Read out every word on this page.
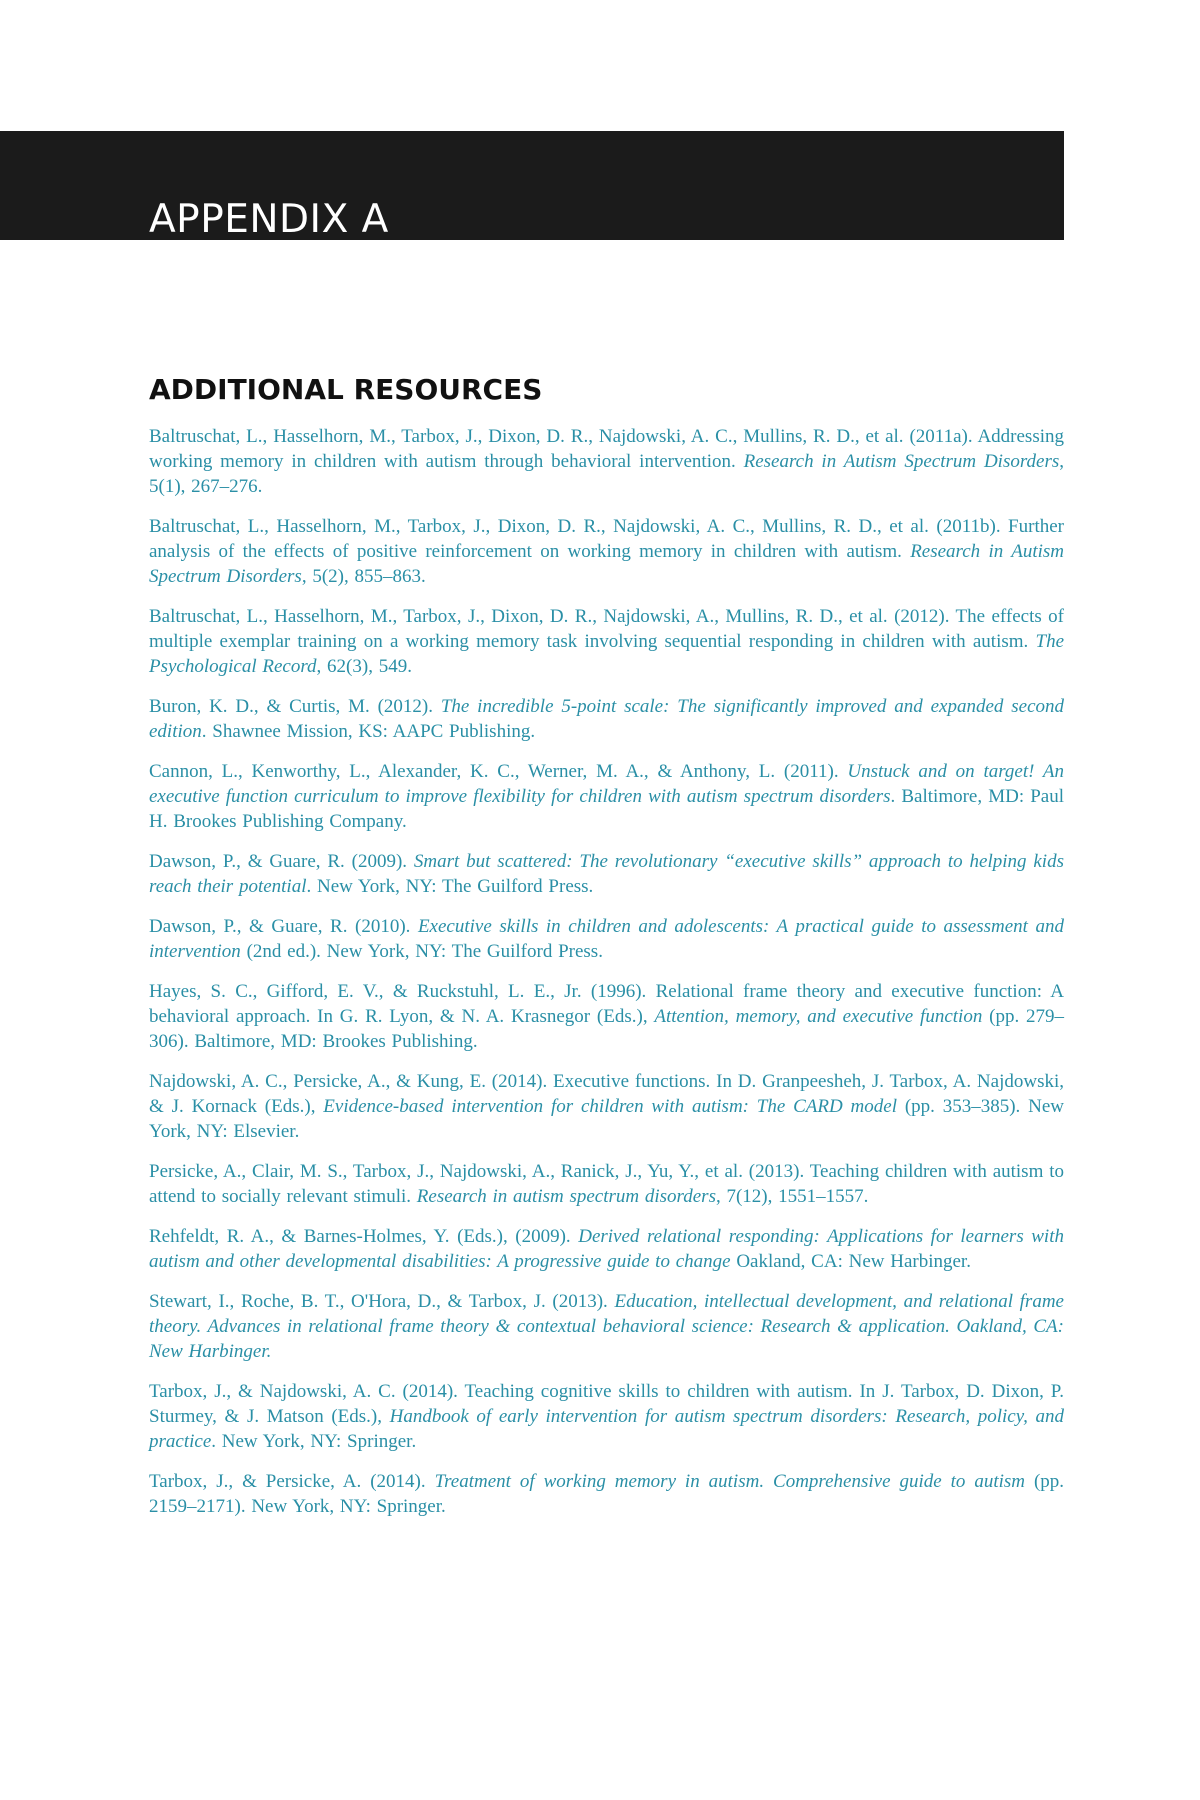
APPENDIX A
ADDITIONAL RESOURCES
Baltruschat, L., Hasselhorn, M., Tarbox, J., Dixon, D. R., Najdowski, A. C., Mullins, R. D., et al. (2011a). Addressing working memory in children with autism through behavioral intervention. Research in Autism Spectrum Disorders, 5(1), 267–276.
Baltruschat, L., Hasselhorn, M., Tarbox, J., Dixon, D. R., Najdowski, A. C., Mullins, R. D., et al. (2011b). Further analysis of the effects of positive reinforcement on working memory in children with autism. Research in Autism Spectrum Disorders, 5(2), 855–863.
Baltruschat, L., Hasselhorn, M., Tarbox, J., Dixon, D. R., Najdowski, A., Mullins, R. D., et al. (2012). The effects of multiple exemplar training on a working memory task involving sequential responding in children with autism. The Psychological Record, 62(3), 549.
Buron, K. D., & Curtis, M. (2012). The incredible 5-point scale: The significantly improved and expanded second edition. Shawnee Mission, KS: AAPC Publishing.
Cannon, L., Kenworthy, L., Alexander, K. C., Werner, M. A., & Anthony, L. (2011). Unstuck and on target! An executive function curriculum to improve flexibility for children with autism spectrum disorders. Baltimore, MD: Paul H. Brookes Publishing Company.
Dawson, P., & Guare, R. (2009). Smart but scattered: The revolutionary “executive skills” approach to helping kids reach their potential. New York, NY: The Guilford Press.
Dawson, P., & Guare, R. (2010). Executive skills in children and adolescents: A practical guide to assessment and intervention (2nd ed.). New York, NY: The Guilford Press.
Hayes, S. C., Gifford, E. V., & Ruckstuhl, L. E., Jr. (1996). Relational frame theory and executive function: A behavioral approach. In G. R. Lyon, & N. A. Krasnegor (Eds.), Attention, memory, and executive function (pp. 279–306). Baltimore, MD: Brookes Publishing.
Najdowski, A. C., Persicke, A., & Kung, E. (2014). Executive functions. In D. Granpeesheh, J. Tarbox, A. Najdowski, & J. Kornack (Eds.), Evidence-based intervention for children with autism: The CARD model (pp. 353–385). New York, NY: Elsevier.
Persicke, A., Clair, M. S., Tarbox, J., Najdowski, A., Ranick, J., Yu, Y., et al. (2013). Teaching children with autism to attend to socially relevant stimuli. Research in autism spectrum disorders, 7(12), 1551–1557.
Rehfeldt, R. A., & Barnes-Holmes, Y. (Eds.), (2009). Derived relational responding: Applications for learners with autism and other developmental disabilities: A progressive guide to change Oakland, CA: New Harbinger.
Stewart, I., Roche, B. T., O'Hora, D., & Tarbox, J. (2013). Education, intellectual development, and relational frame theory. Advances in relational frame theory & contextual behavioral science: Research & application. Oakland, CA: New Harbinger.
Tarbox, J., & Najdowski, A. C. (2014). Teaching cognitive skills to children with autism. In J. Tarbox, D. Dixon, P. Sturmey, & J. Matson (Eds.), Handbook of early intervention for autism spectrum disorders: Research, policy, and practice. New York, NY: Springer.
Tarbox, J., & Persicke, A. (2014). Treatment of working memory in autism. Comprehensive guide to autism (pp. 2159–2171). New York, NY: Springer.
